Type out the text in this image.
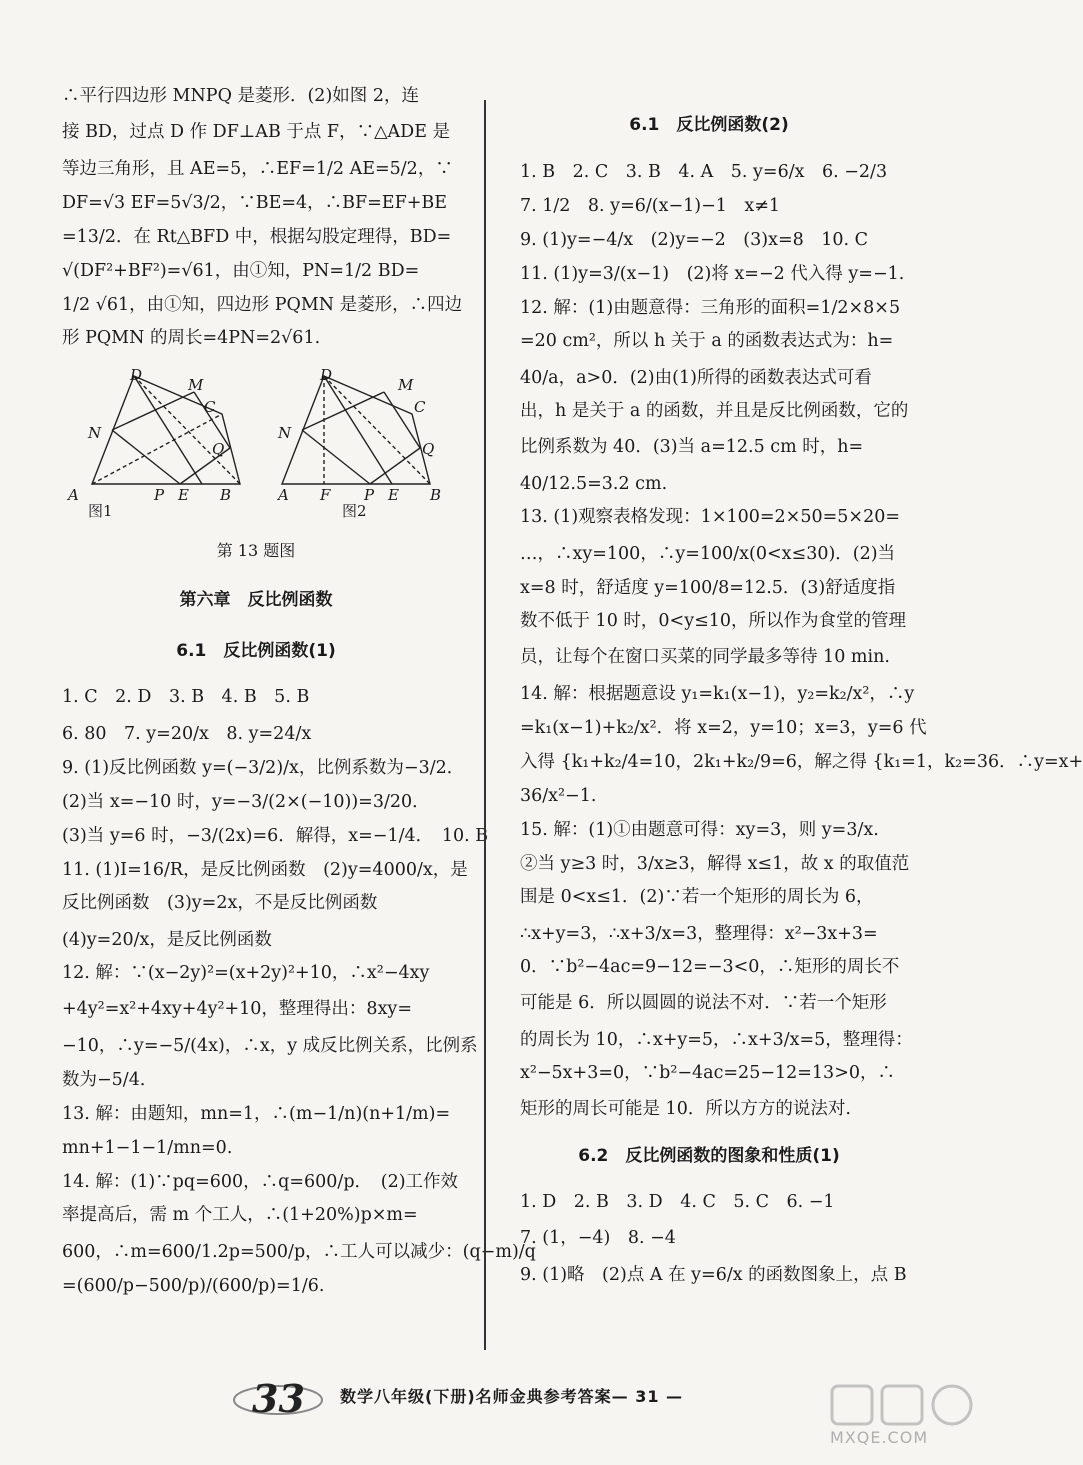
∴平行四边形 MNPQ 是菱形．(2)如图 2，连
接 BD，过点 D 作 DF⊥AB 于点 F，∵△ADE 是
等边三角形，且 AE=5，∴EF=1/2 AE=5/2，∵
DF=√3 EF=5√3/2，∵BE=4，∴BF=EF+BE
=13/2．在 Rt△BFD 中，根据勾股定理得，BD=
√(DF²+BF²)=√61，由①知，PN=1/2 BD=
1/2 √61，由①知，四边形 PQMN 是菱形，∴四边
形 PQMN 的周长=4PN=2√61.
图1	图2
D
M
N
C
Q
A	P E B
D
M
N
C
Q
A F P E B
第 13 题图
第六章　反比例函数
6.1　反比例函数(1)
1. C　2. D　3. B　4. B　5. B
6. 80　7. y=20/x　8. y=24/x
9. (1)反比例函数 y=(−3/2)/x，比例系数为−3/2．
(2)当 x=−10 时，y=−3/(2×(−10))=3/20．
(3)当 y=6 时，−3/(2x)=6．解得，x=−1/4．　10. B
11. (1)I=16/R，是反比例函数　(2)y=4000/x，是
反比例函数　(3)y=2x，不是反比例函数
(4)y=20/x，是反比例函数
12. 解：∵(x−2y)²=(x+2y)²+10，∴x²−4xy
+4y²=x²+4xy+4y²+10，整理得出：8xy=
−10，∴y=−5/(4x)，∴x，y 成反比例关系，比例系
数为−5/4．
13. 解：由题知，mn=1，∴(m−1/n)(n+1/m)=
mn+1−1−1/mn=0.
14. 解：(1)∵pq=600，∴q=600/p．　(2)工作效
率提高后，需 m 个工人，∴(1+20%)p×m=
600，∴m=600/1.2p=500/p，∴工人可以减少：(q−m)/q
=(600/p−500/p)/(600/p)=1/6.
6.1　反比例函数(2)
1. B　2. C　3. B　4. A　5. y=6/x　6. −2/3
7. 1/2　8. y=6/(x−1)−1　x≠1
9. (1)y=−4/x　(2)y=−2　(3)x=8　10. C
11. (1)y=3/(x−1)　(2)将 x=−2 代入得 y=−1.
12. 解：(1)由题意得：三角形的面积=1/2×8×5
=20 cm²，所以 h 关于 a 的函数表达式为：h=
40/a，a>0．(2)由(1)所得的函数表达式可看
出，h 是关于 a 的函数，并且是反比例函数，它的
比例系数为 40．(3)当 a=12.5 cm 时，h=
40/12.5=3.2 cm.
13. (1)观察表格发现：1×100=2×50=5×20=
…，∴xy=100，∴y=100/x(0<x≤30)．(2)当
x=8 时，舒适度 y=100/8=12.5．(3)舒适度指
数不低于 10 时，0<y≤10，所以作为食堂的管理
员，让每个在窗口买菜的同学最多等待 10 min.
14. 解：根据题意设 y₁=k₁(x−1)，y₂=k₂/x²，∴y
=k₁(x−1)+k₂/x²．将 x=2，y=10；x=3，y=6 代
入得 {k₁+k₂/4=10，2k₁+k₂/9=6，解之得 {k₁=1，k₂=36．∴y=x+
36/x²−1.
15. 解：(1)①由题意可得：xy=3，则 y=3/x.
②当 y≥3 时，3/x≥3，解得 x≤1，故 x 的取值范
围是 0<x≤1．(2)∵若一个矩形的周长为 6，
∴x+y=3，∴x+3/x=3，整理得：x²−3x+3=
0．∵b²−4ac=9−12=−3<0，∴矩形的周长不
可能是 6．所以圆圆的说法不对．∵若一个矩形
的周长为 10，∴x+y=5，∴x+3/x=5，整理得：
x²−5x+3=0，∵b²−4ac=25−12=13>0，∴
矩形的周长可能是 10．所以方方的说法对.
6.2　反比例函数的图象和性质(1)
1. D　2. B　3. D　4. C　5. C　6. −1
7. (1，−4)　8. −4
9. (1)略　(2)点 A 在 y=6/x 的函数图象上，点 B
33 数学八年级(下册)名师金典参考答案— 31 —
MXQE.COM
